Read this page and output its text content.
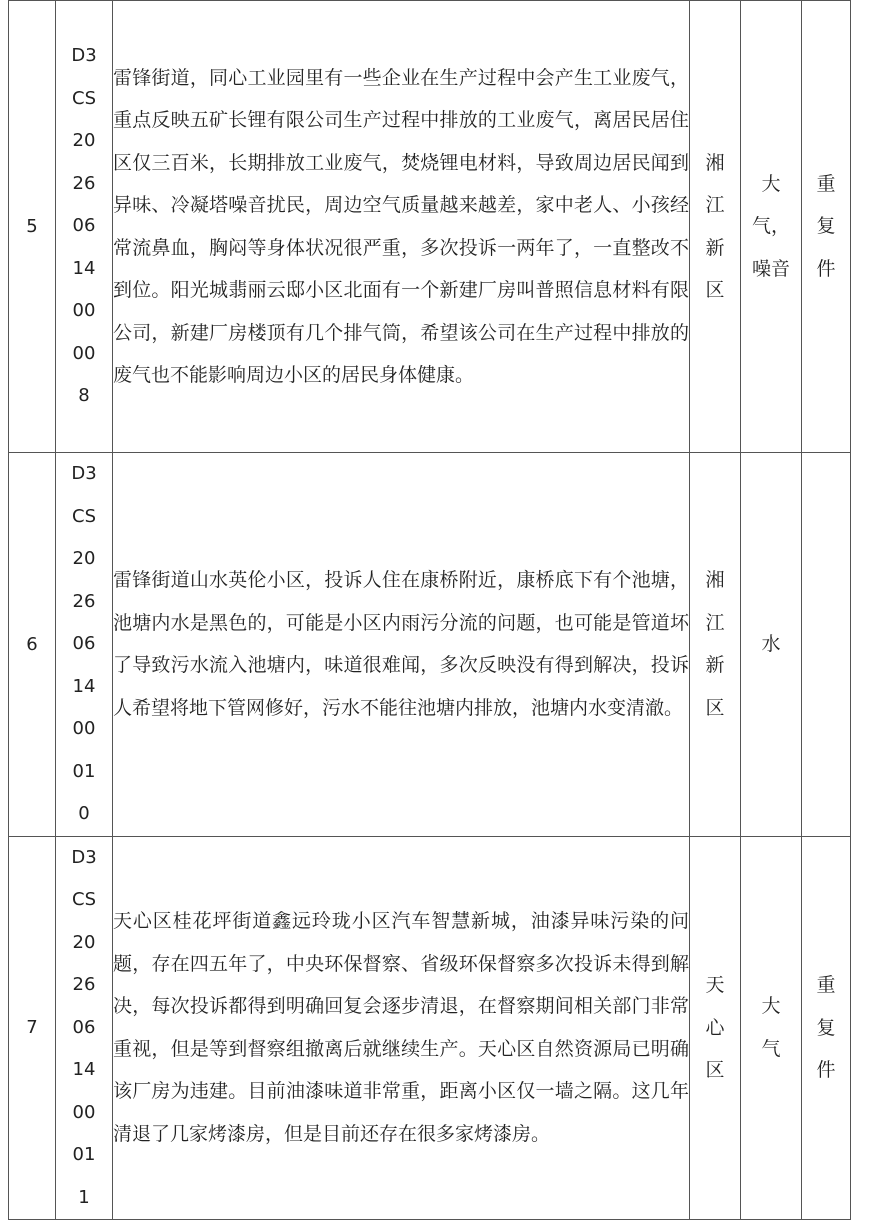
5	D3CS2026061400008	雷锋街道，同心工业园里有一些企业在生产过程中会产生工业废气，重点反映五矿长锂有限公司生产过程中排放的工业废气，离居民居住区仅三百米，长期排放工业废气，焚烧锂电材料，导致周边居民闻到异味、冷凝塔噪音扰民，周边空气质量越来越差，家中老人、小孩经常流鼻血，胸闷等身体状况很严重，多次投诉一两年了，一直整改不到位。阳光城翡丽云邸小区北面有一个新建厂房叫普照信息材料有限公司，新建厂房楼顶有几个排气筒，希望该公司在生产过程中排放的废气也不能影响周边小区的居民身体健康。	湘江新区	大气，噪音	重复件
6	D3CS2026061400010	雷锋街道山水英伦小区，投诉人住在康桥附近，康桥底下有个池塘，池塘内水是黑色的，可能是小区内雨污分流的问题，也可能是管道坏了导致污水流入池塘内，味道很难闻，多次反映没有得到解决，投诉人希望将地下管网修好，污水不能往池塘内排放，池塘内水变清澈。	湘江新区	水	
7	D3CS2026061400011	天心区桂花坪街道鑫远玲珑小区汽车智慧新城，油漆异味污染的问题，存在四五年了，中央环保督察、省级环保督察多次投诉未得到解决，每次投诉都得到明确回复会逐步清退，在督察期间相关部门非常重视，但是等到督察组撤离后就继续生产。天心区自然资源局已明确该厂房为违建。目前油漆味道非常重，距离小区仅一墙之隔。这几年清退了几家烤漆房，但是目前还存在很多家烤漆房。	天心区	大气	重复件
